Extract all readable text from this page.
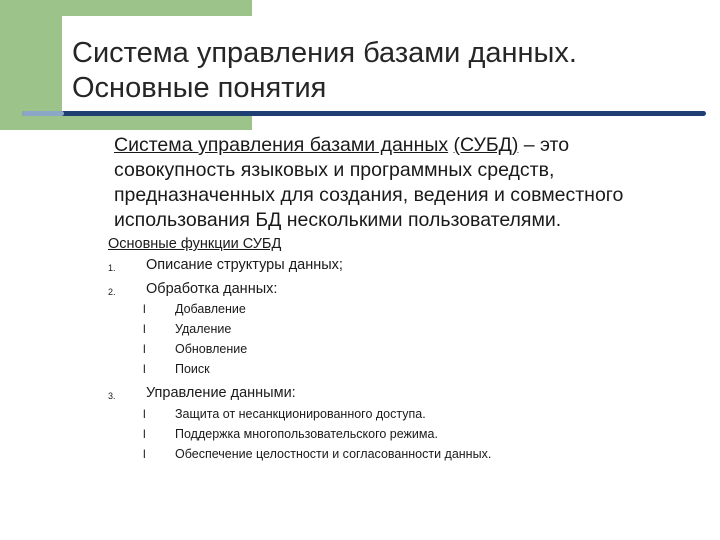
Система управления базами данных.
Основные понятия

Система управления базами данных (СУБД) – это совокупность языковых и программных средств, предназначенных для создания, ведения и совместного использования БД несколькими пользователями.

Основные функции СУБД
1. Описание структуры данных;
2. Обработка данных:
l Добавление
l Удаление
l Обновление
l Поиск
3. Управление данными:
l Защита от несанкционированного доступа.
l Поддержка многопользовательского режима.
l Обеспечение целостности и согласованности данных.
